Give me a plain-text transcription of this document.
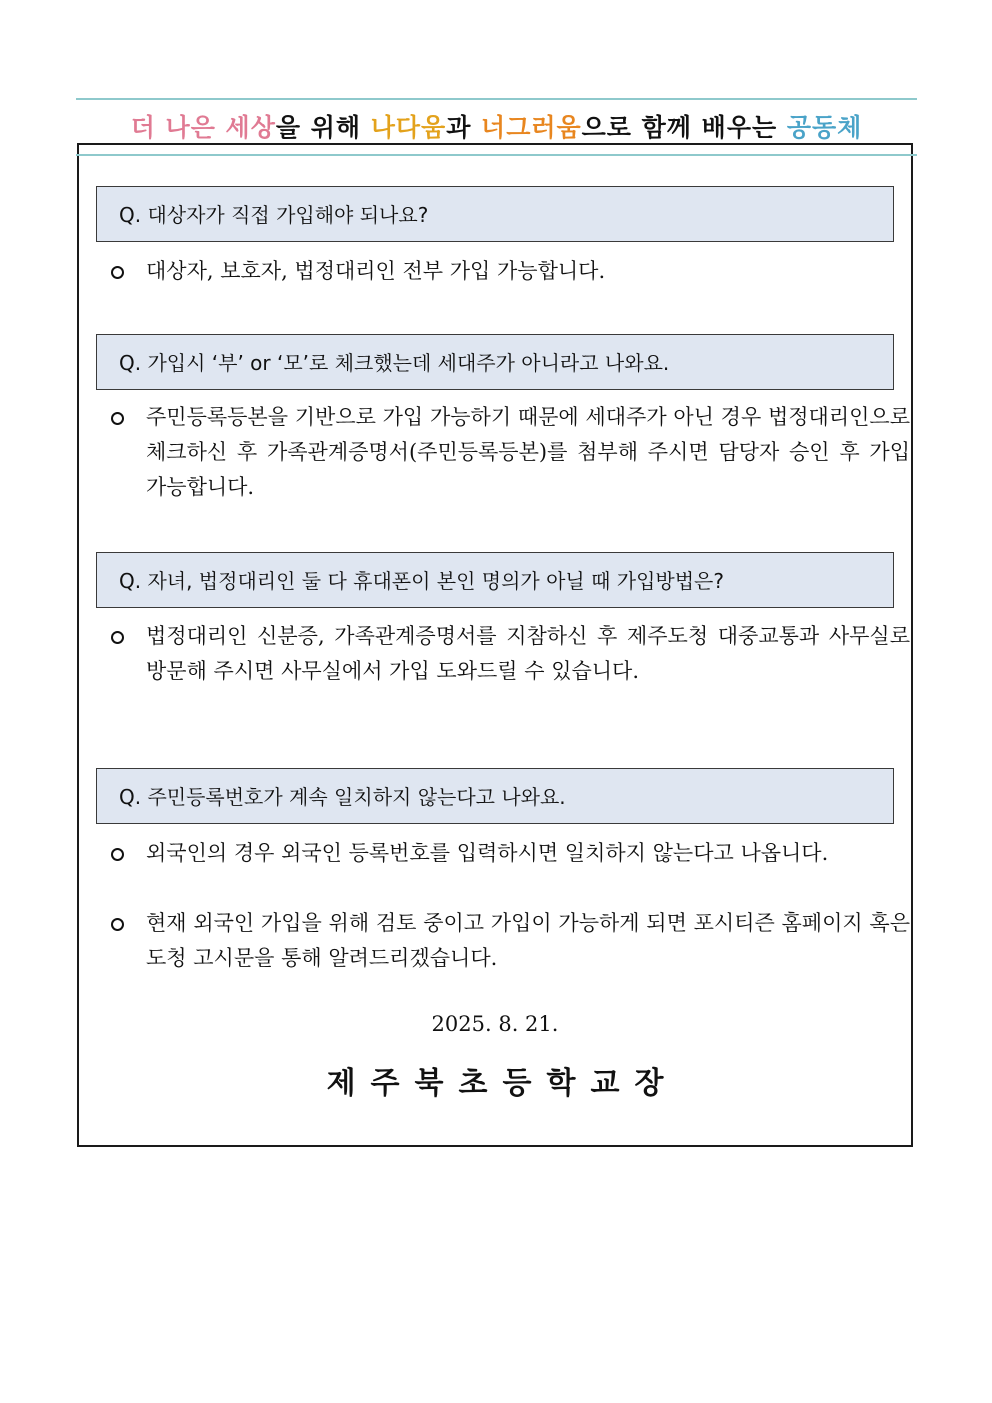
더 나은 세상을 위해 나다움과 너그러움으로 함께 배우는 공동체
Q. 대상자가 직접 가입해야 되나요?
대상자, 보호자, 법정대리인 전부 가입 가능합니다.
Q. 가입시 ‘부’ or ‘모’로 체크했는데 세대주가 아니라고 나와요.
주민등록등본을 기반으로 가입 가능하기 때문에 세대주가 아닌 경우 법정대리인으로 체크하신 후 가족관계증명서(주민등록등본)를 첨부해 주시면 담당자 승인 후 가입 가능합니다.
Q. 자녀, 법정대리인 둘 다 휴대폰이 본인 명의가 아닐 때 가입방법은?
법정대리인 신분증, 가족관계증명서를 지참하신 후 제주도청 대중교통과 사무실로 방문해 주시면 사무실에서 가입 도와드릴 수 있습니다.
Q. 주민등록번호가 계속 일치하지 않는다고 나와요.
외국인의 경우 외국인 등록번호를 입력하시면 일치하지 않는다고 나옵니다.
현재 외국인 가입을 위해 검토 중이고 가입이 가능하게 되면 포시티즌 홈페이지 혹은 도청 고시문을 통해 알려드리겠습니다.
2025. 8. 21.
제주북초등학교장
